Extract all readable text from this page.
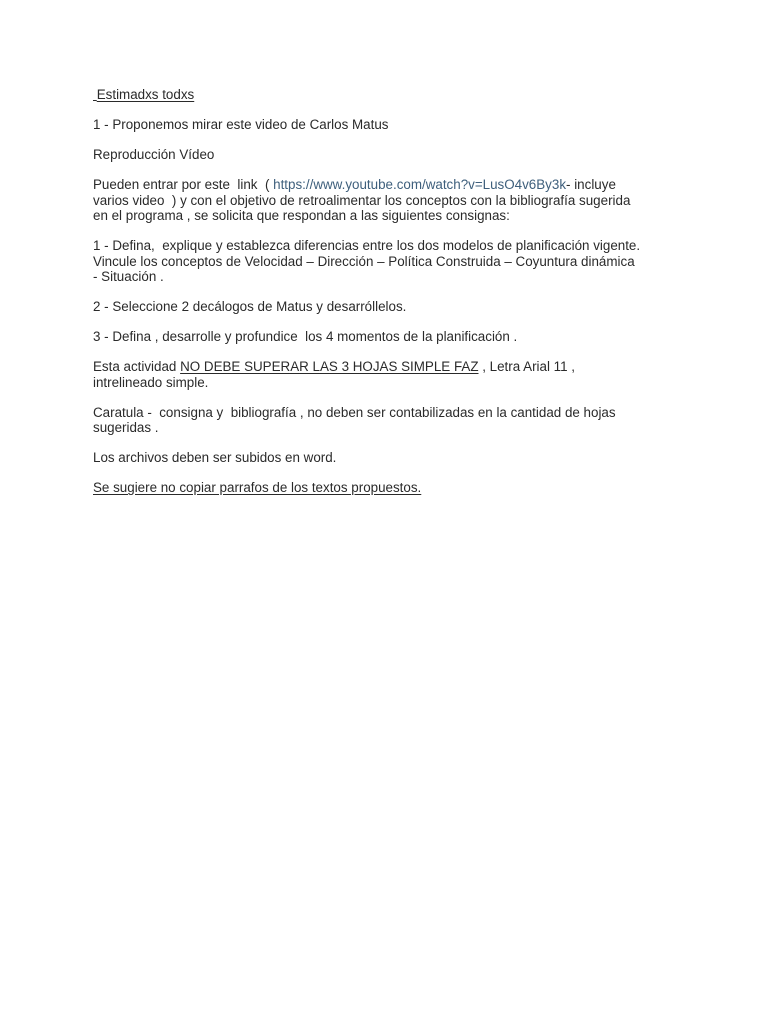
Estimadxs todxs
1 - Proponemos mirar este video de Carlos Matus
Reproducción Vídeo
Pueden entrar por este  link  ( https://www.youtube.com/watch?v=LusO4v6By3k- incluye
varios video  ) y con el objetivo de retroalimentar los conceptos con la bibliografía sugerida
en el programa , se solicita que respondan a las siguientes consignas:
1 - Defina,  explique y establezca diferencias entre los dos modelos de planificación vigente.
Vincule los conceptos de Velocidad – Dirección – Política Construida – Coyuntura dinámica
- Situación .
2 - Seleccione 2 decálogos de Matus y desarróllelos.
3 - Defina , desarrolle y profundice  los 4 momentos de la planificación .
Esta actividad NO DEBE SUPERAR LAS 3 HOJAS SIMPLE FAZ , Letra Arial 11 ,
intrelineado simple.
Caratula -  consigna y  bibliografía , no deben ser contabilizadas en la cantidad de hojas
sugeridas .
Los archivos deben ser subidos en word.
Se sugiere no copiar parrafos de los textos propuestos.
